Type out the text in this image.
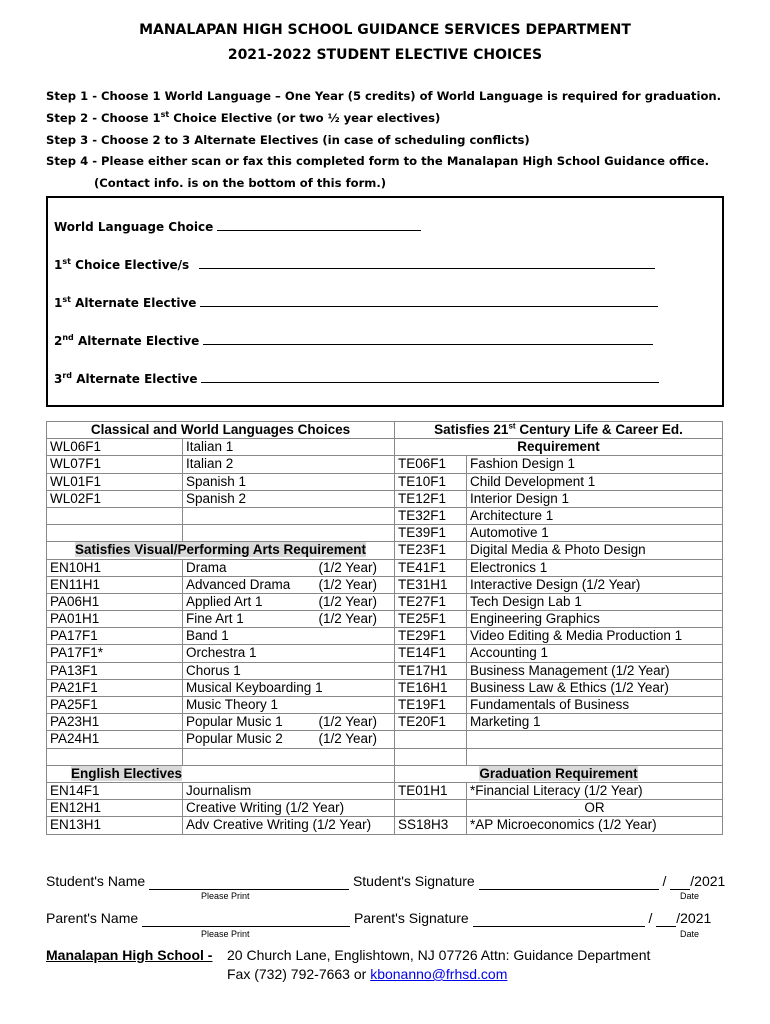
MANALAPAN HIGH SCHOOL GUIDANCE SERVICES DEPARTMENT
2021-2022 STUDENT ELECTIVE CHOICES
Step 1 - Choose 1 World Language – One Year (5 credits) of World Language is required for graduation.
Step 2 - Choose 1st Choice Elective (or two ½ year electives)
Step 3 - Choose 2 to 3 Alternate Electives (in case of scheduling conflicts)
Step 4 - Please either scan or fax this completed form to the Manalapan High School Guidance office.
(Contact info. is on the bottom of this form.)
World Language Choice
1st Choice Elective/s
1st Alternate Elective
2nd Alternate Elective
3rd Alternate Elective
Classical and World Languages Choices		Satisfies 21st Century Life & Career Ed.	
WL06F1	Italian 1	Requirement	
WL07F1	Italian 2	TE06F1	Fashion Design 1
WL01F1	Spanish 1	TE10F1	Child Development 1
WL02F1	Spanish 2	TE12F1	Interior Design 1
		TE32F1	Architecture 1
		TE39F1	Automotive 1
Satisfies Visual/Performing Arts Requirement		TE23F1	Digital Media & Photo Design
EN10H1	Drama (1/2 Year)	TE41F1	Electronics 1
EN11H1	Advanced Drama (1/2 Year)	TE31H1	Interactive Design (1/2 Year)
PA06H1	Applied Art 1 (1/2 Year)	TE27F1	Tech Design Lab 1
PA01H1	Fine Art 1 (1/2 Year)	TE25F1	Engineering Graphics
PA17F1	Band 1	TE29F1	Video Editing & Media Production 1
PA17F1*	Orchestra 1	TE14F1	Accounting 1
PA13F1	Chorus 1	TE17H1	Business Management (1/2 Year)
PA21F1	Musical Keyboarding 1	TE16H1	Business Law & Ethics (1/2 Year)
PA25F1	Music Theory 1	TE19F1	Fundamentals of Business
PA23H1	Popular Music 1 (1/2 Year)	TE20F1	Marketing 1
PA24H1	Popular Music 2 (1/2 Year)		

English Electives		Graduation Requirement	
EN14F1	Journalism	TE01H1	*Financial Literacy (1/2 Year)
EN12H1	Creative Writing (1/2 Year)		OR
EN13H1	Adv Creative Writing (1/2 Year)	SS18H3	*AP Microeconomics (1/2 Year)
Student's Name	Student's Signature	/ /2021
Please Print	Date
Parent's Name	Parent's Signature	/ /2021
Please Print	Date
Manalapan High School - 20 Church Lane, Englishtown, NJ 07726 Attn: Guidance Department
Fax (732) 792-7663 or kbonanno@frhsd.com
